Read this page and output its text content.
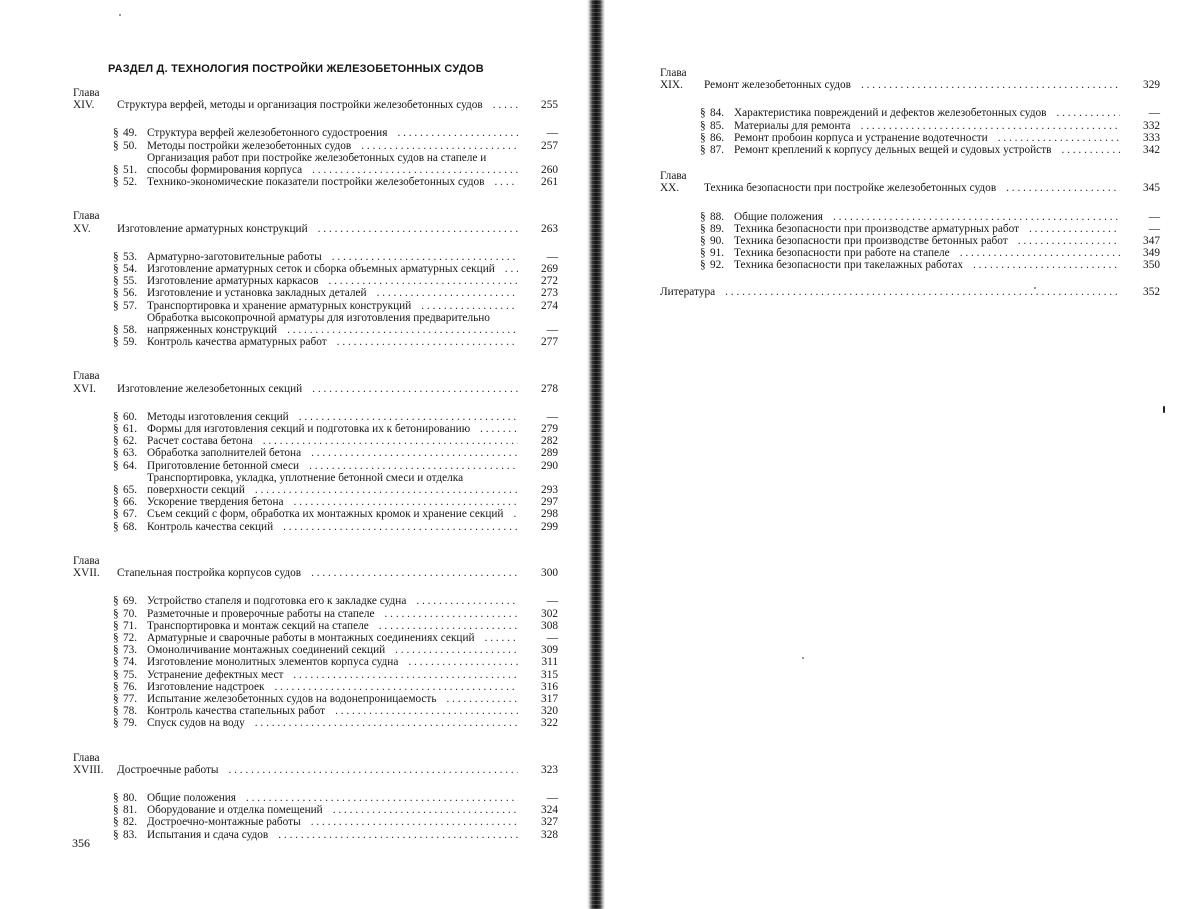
РАЗДЕЛ Д. ТЕХНОЛОГИЯ ПОСТРОЙКИ ЖЕЛЕЗОБЕТОННЫХ СУДОВ
Глава XIV.	Структура верфей, методы и организация постройки железобетонных судов . . .	255
§ 49. Структура верфей железобетонного судостроения . . .	—
§ 50. Методы постройки железобетонных судов . . .	257
§ 51.
Организация работ при постройке железобетонных судов на стапеле и способы формирования корпуса . . .	260
§ 52. Технико-экономические показатели постройки железобетонных судов . . .	261
Глава XV.	Изготовление арматурных конструкций . . .	263
§ 53. Арматурно-заготовительные работы . . .	—
§ 54. Изготовление арматурных сеток и сборка объемных арматурных секций . . .	269
§ 55. Изготовление арматурных каркасов . . .	272
§ 56. Изготовление и установка закладных деталей . . .	273
§ 57. Транспортировка и хранение арматурных конструкций . . .	274
§ 58.
Обработка высокопрочной арматуры для изготовления предварительно напряженных конструкций . . .	—
§ 59. Контроль качества арматурных работ . . .	277
Глава XVI.	Изготовление железобетонных секций . . .	278
§ 60. Методы изготовления секций . . .	—
§ 61. Формы для изготовления секций и подготовка их к бетонированию . . .	279
§ 62. Расчет состава бетона . . .	282
§ 63. Обработка заполнителей бетона . . .	289
§ 64. Приготовление бетонной смеси . . .	290
§ 65.
Транспортировка, укладка, уплотнение бетонной смеси и отделка поверхности секций . . .	293
§ 66. Ускорение твердения бетона . . .	297
§ 67. Съем секций с форм, обработка их монтажных кромок и хранение секций . . .	298
§ 68. Контроль качества секций . . .	299
Глава XVII.	Стапельная постройка корпусов судов . . .	300
§ 69. Устройство стапеля и подготовка его к закладке судна . . .	—
§ 70. Разметочные и проверочные работы на стапеле . . .	302
§ 71. Транспортировка и монтаж секций на стапеле . . .	308
§ 72. Арматурные и сварочные работы в монтажных соединениях секций . . .	—
§ 73. Омоноличивание монтажных соединений секций . . .	309
§ 74. Изготовление монолитных элементов корпуса судна . . .	311
§ 75. Устранение дефектных мест . . .	315
§ 76. Изготовление надстроек . . .	316
§ 77. Испытание железобетонных судов на водонепроницаемость . . .	317
§ 78. Контроль качества стапельных работ . . .	320
§ 79. Спуск судов на воду . . .	322
Глава XVIII.	Достроечные работы . . .	323
§ 80. Общие положения . . .	—
§ 81. Оборудование и отделка помещений . . .	324
§ 82. Достроечно-монтажные работы . . .	327
§ 83. Испытания и сдача судов . . .	328
356
Глава XIX.	Ремонт железобетонных судов . . .	329
§ 84. Характеристика повреждений и дефектов железобетонных судов . . .	—
§ 85. Материалы для ремонта . . .	332
§ 86. Ремонт пробоин корпуса и устранение водотечности . . .	333
§ 87. Ремонт креплений к корпусу дельных вещей и судовых устройств . . .	342
Глава XX.	Техника безопасности при постройке железобетонных судов . . .	345
§ 88. Общие положения . . .	—
§ 89. Техника безопасности при производстве арматурных работ . . .	—
§ 90. Техника безопасности при производстве бетонных работ . . .	347
§ 91. Техника безопасности при работе на стапеле . . .	349
§ 92. Техника безопасности при такелажных работах . . .	350
Литература . . .	352
